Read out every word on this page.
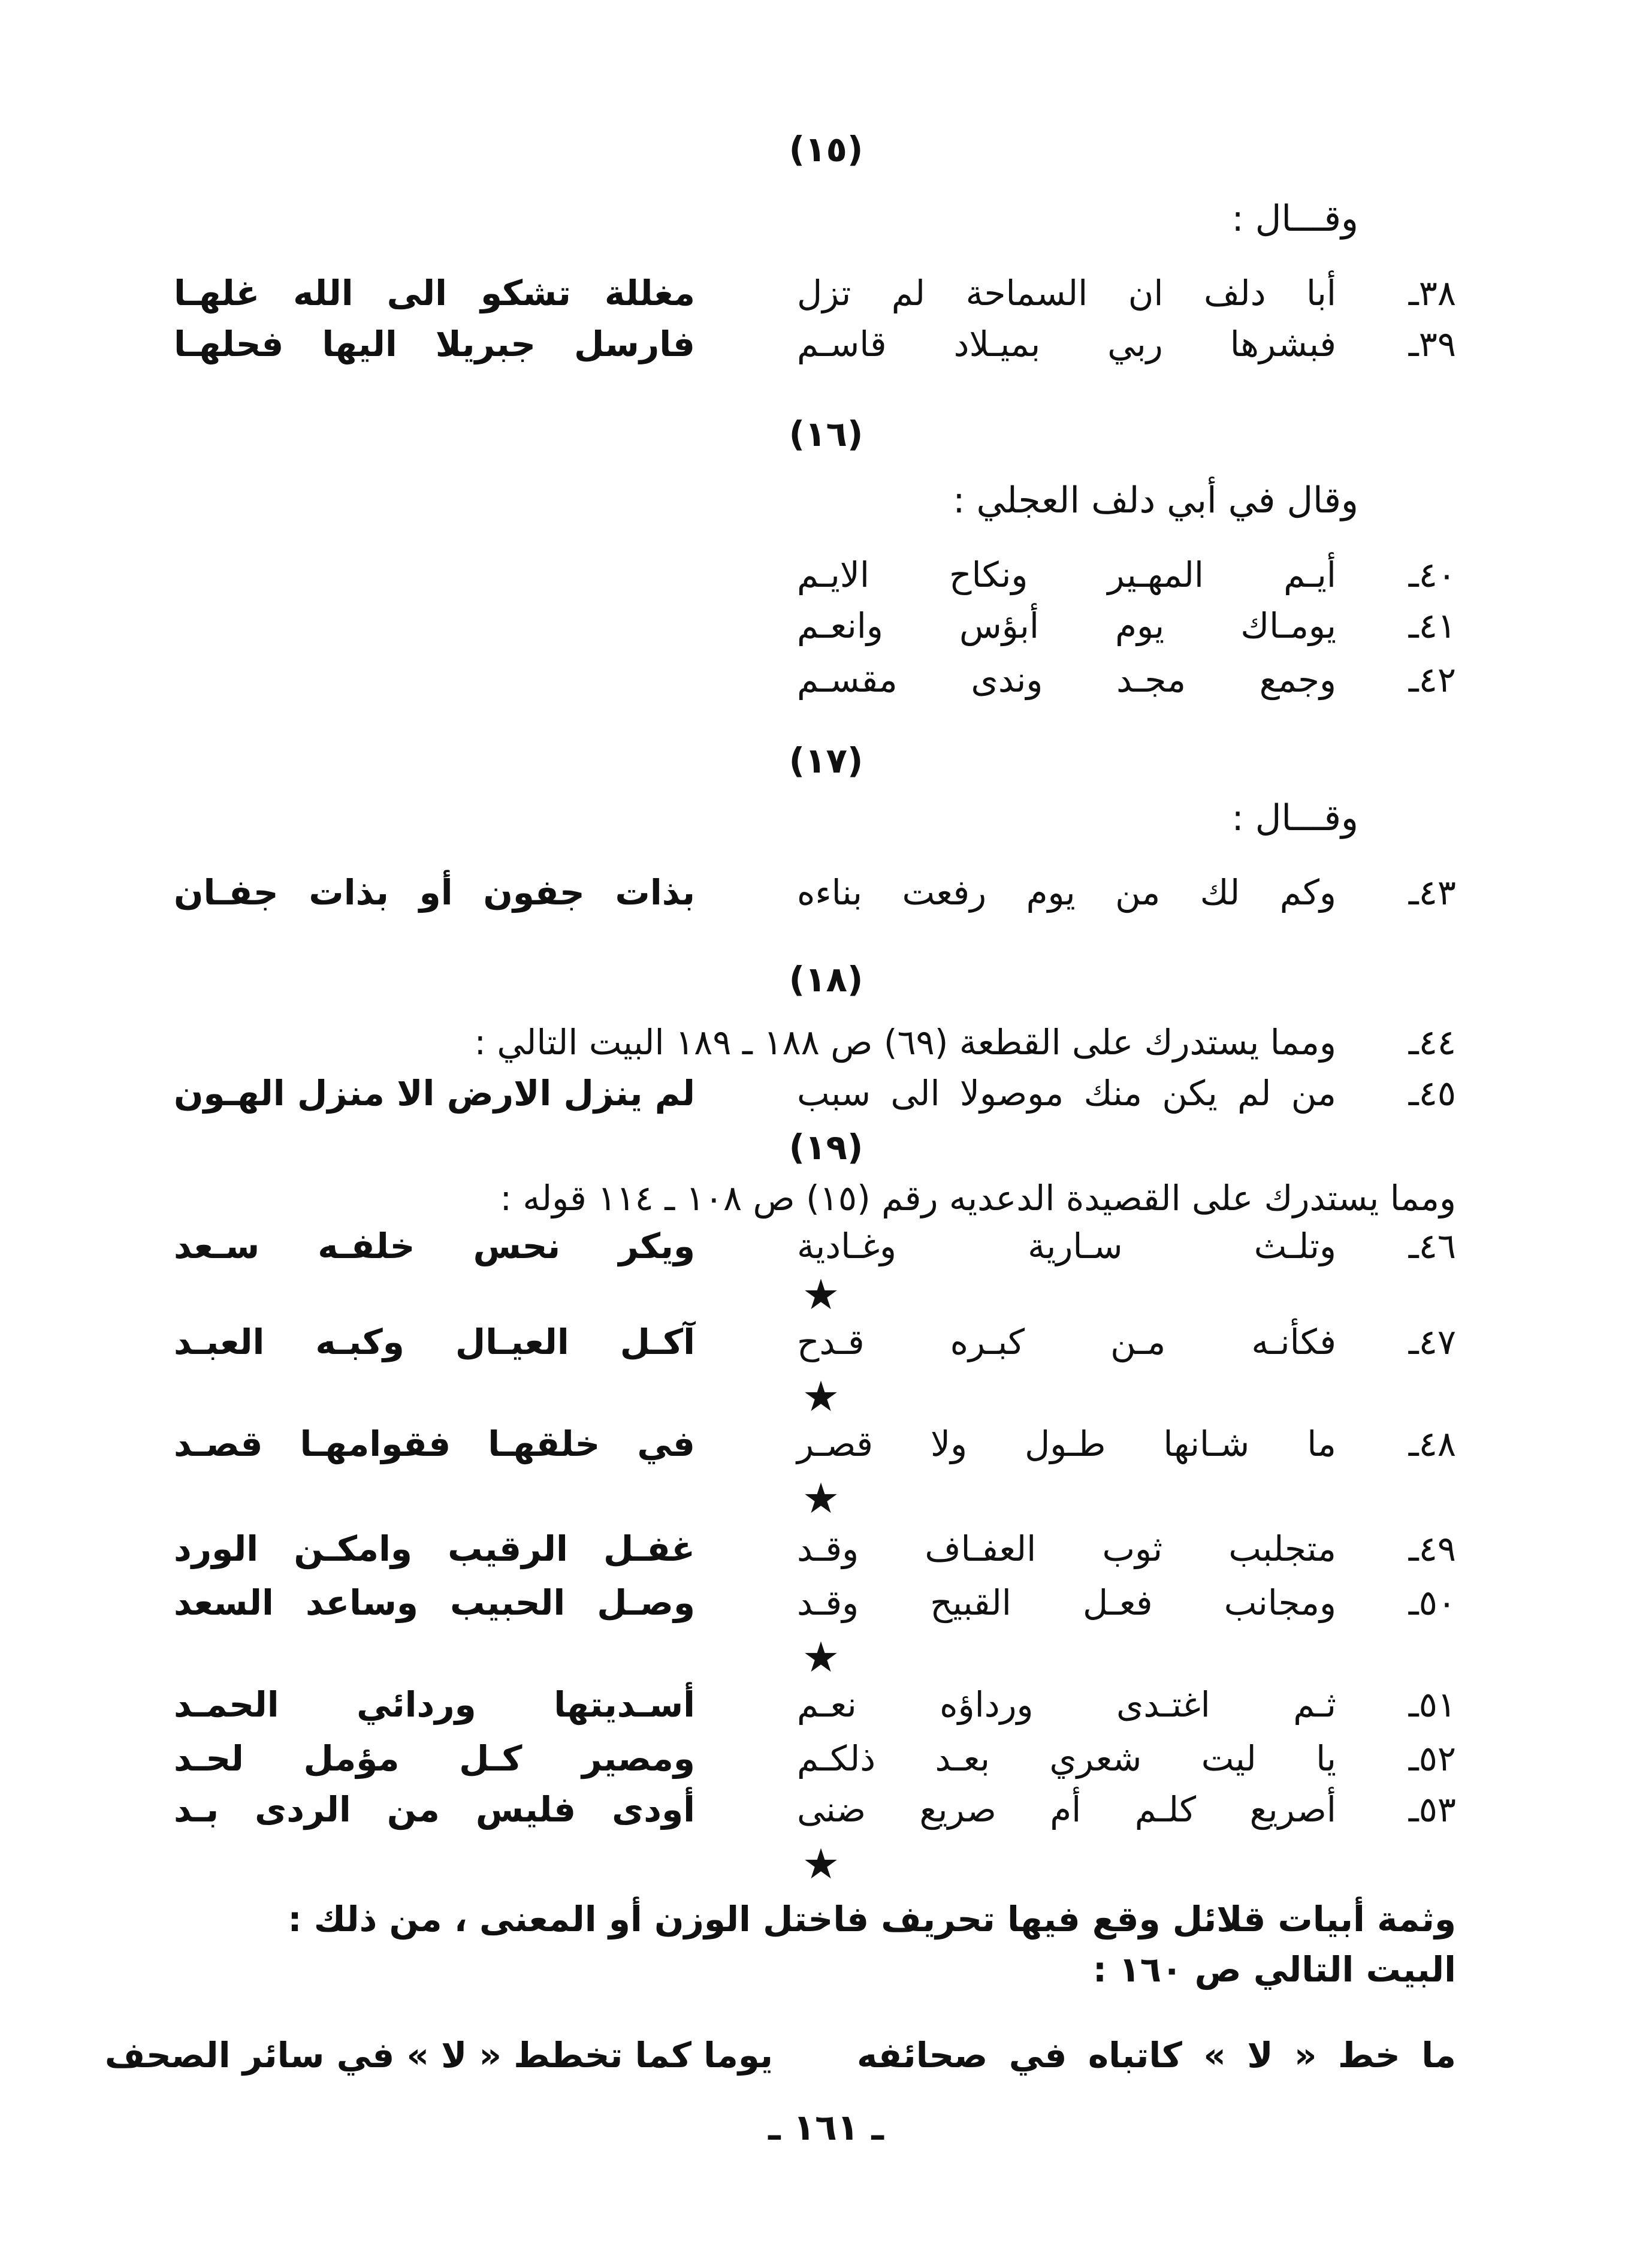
(١٥)
وقـــال :
٣٨ـ
أبا دلف ان السماحة لم تزل
مغللة تشكو الى الله غلهـا
٣٩ـ
فبشرها ربي بميـلاد قاسـم
فارسل جبريلا اليها فحلهـا
(١٦)
وقال في أبي دلف العجلي :
٤٠ـ
أيـم المهـير ونكاح الايـم
٤١ـ
يومـاك يوم أبؤس وانعـم
٤٢ـ
وجمع مجـد وندى مقسـم
(١٧)
وقـــال :
٤٣ـ
وكم لك من يوم رفعت بناءه
بذات جفون أو بذات جفـان
(١٨)
٤٤ـ
ومما يستدرك على القطعة (٦٩) ص ١٨٨ ـ ١٨٩ البيت التالي :
٤٥ـ
من لم يكن منك موصولا الى سبب
لم ينزل الارض الا منزل الهـون
(١٩)
ومما يستدرك على القصيدة الدعديه رقم (١٥) ص ١٠٨ ـ ١١٤ قوله :
٤٦ـ
وتلـث سـارية وغـادية
ويكر نحس خلفـه سـعد
★
٤٧ـ
فكأنـه مـن كبـره قـدح
آكـل العيـال وكبـه العبـد
★
٤٨ـ
ما شـانها طـول ولا قصـر
في خلقهـا فقوامهـا قصـد
★
٤٩ـ
متجلبب ثوب العفـاف وقـد
غفـل الرقيب وامكـن الورد
٥٠ـ
ومجانب فعـل القبيح وقـد
وصـل الحبيب وساعد السعد
★
٥١ـ
ثـم اغتـدى ورداؤه نعـم
أسـديتها وردائي الحمـد
٥٢ـ
يا ليت شعري بعـد ذلكـم
ومصير كـل مؤمل لحـد
٥٣ـ
أصريع كلـم أم صريع ضنى
أودى فليس من الردى بـد
★
وثمة أبيات قلائل وقع فيها تحريف فاختل الوزن أو المعنى ، من ذلك :
البيت التالي ص ١٦٠ :
ما خط « لا » كاتباه في صحائفه
يوما كما تخطط « لا » في سائر الصحف
ـ ١٦١ ـ
